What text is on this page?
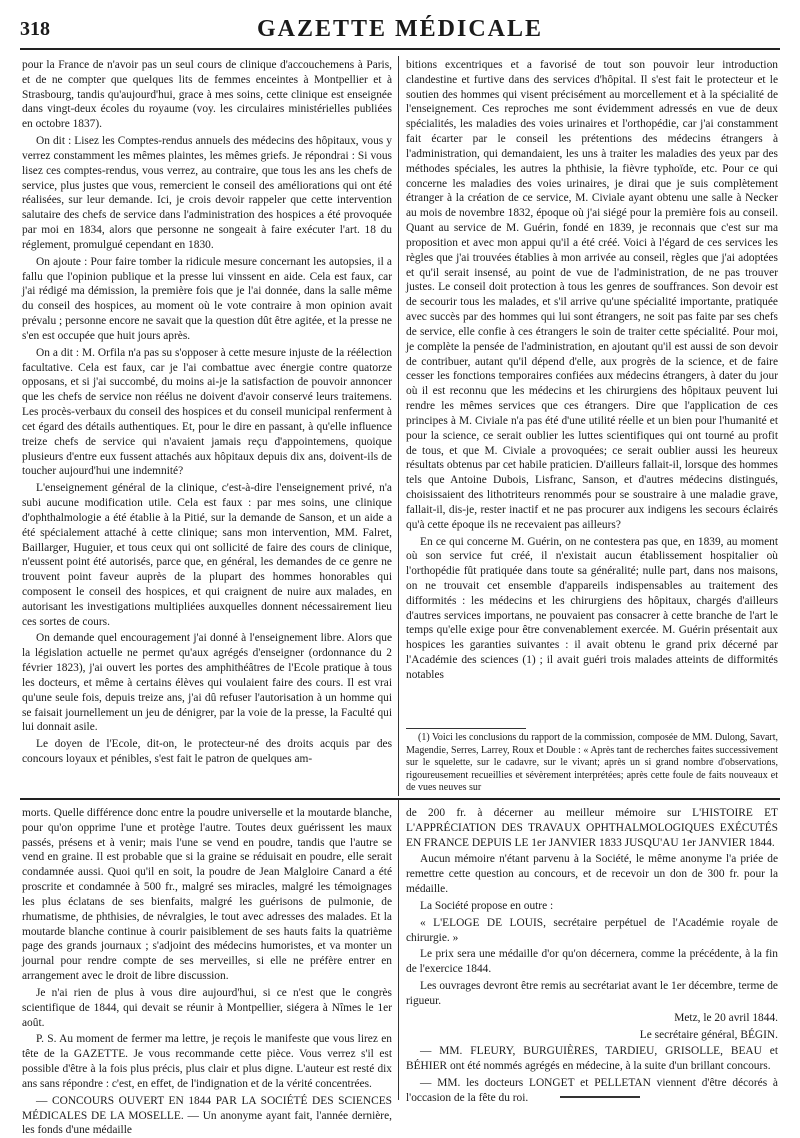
318	GAZETTE MÉDICALE

pour la France de n'avoir pas un seul cours de clinique d'accouchemens à Paris, et de ne compter que quelques lits de femmes enceintes à Montpellier et à Strasbourg, tandis qu'aujourd'hui, grace à mes soins, cette clinique est enseignée dans vingt-deux écoles du royaume (voy. les circulaires ministérielles publiées en octobre 1837).

On dit : Lisez les Comptes-rendus annuels des médecins des hôpitaux, vous y verrez constamment les mêmes plaintes, les mêmes griefs. Je répondrai : Si vous lisez ces comptes-rendus, vous verrez, au contraire, que tous les ans les chefs de service, plus justes que vous, remercient le conseil des améliorations qui ont été réalisées, sur leur demande. Ici, je crois devoir rappeler que cette intervention salutaire des chefs de service dans l'administration des hospices a été provoquée par moi en 1834, alors que personne ne songeait à faire exécuter l'art. 18 du réglement, promulgué cependant en 1830.

On ajoute : Pour faire tomber la ridicule mesure concernant les autopsies, il a fallu que l'opinion publique et la presse lui vinssent en aide. Cela est faux, car j'ai rédigé ma démission, la première fois que je l'ai donnée, dans la salle même du conseil des hospices, au moment où le vote contraire à mon opinion avait prévalu ; personne encore ne savait que la question dût être agitée, et la presse ne s'en est occupée que huit jours après.

On a dit : M. Orfila n'a pas su s'opposer à cette mesure injuste de la réélection facultative. Cela est faux, car je l'ai combattue avec énergie contre quatorze opposans, et si j'ai succombé, du moins ai-je la satisfaction de pouvoir annoncer que les chefs de service non réélus ne doivent d'avoir conservé leurs traitemens. Les procès-verbaux du conseil des hospices et du conseil municipal renferment à cet égard des détails authentiques. Et, pour le dire en passant, à qu'elle influence treize chefs de service qui n'avaient jamais reçu d'appointemens, quoique plusieurs d'entre eux fussent attachés aux hôpitaux depuis dix ans, doivent-ils de toucher aujourd'hui une indemnité?

L'enseignement général de la clinique, c'est-à-dire l'enseignement privé, n'a subi aucune modification utile. Cela est faux : par mes soins, une clinique d'ophthalmologie a été établie à la Pitié, sur la demande de Sanson, et un aide a été spécialement attaché à cette clinique; sans mon intervention, MM. Falret, Baillarger, Huguier, et tous ceux qui ont sollicité de faire des cours de clinique, n'eussent point été autorisés, parce que, en général, les demandes de ce genre ne trouvent point faveur auprès de la plupart des hommes honorables qui composent le conseil des hospices, et qui craignent de nuire aux malades, en autorisant les investigations multipliées auxquelles donnent nécessairement lieu ces sortes de cours.

On demande quel encouragement j'ai donné à l'enseignement libre. Alors que la législation actuelle ne permet qu'aux agrégés d'enseigner (ordonnance du 2 février 1823), j'ai ouvert les portes des amphithéâtres de l'Ecole pratique à tous les docteurs, et même à certains élèves qui voulaient faire des cours. Il est vrai qu'une seule fois, depuis treize ans, j'ai dû refuser l'autorisation à un homme qui se faisait journellement un jeu de dénigrer, par la voie de la presse, la Faculté qui lui donnait asile.

Le doyen de l'Ecole, dit-on, le protecteur-né des droits acquis par des concours loyaux et pénibles, s'est fait le patron de quelques am-

bitions excentriques et a favorisé de tout son pouvoir leur introduction clandestine et furtive dans des services d'hôpital. Il s'est fait le protecteur et le soutien des hommes qui visent précisément au morcellement et à la spécialité de l'enseignement. Ces reproches me sont évidemment adressés en vue de deux spécialités, les maladies des voies urinaires et l'orthopédie, car j'ai constamment fait écarter par le conseil les prétentions des médecins étrangers à l'administration, qui demandaient, les uns à traiter les maladies des yeux par des méthodes spéciales, les autres la phthisie, la fièvre typhoïde, etc. Pour ce qui concerne les maladies des voies urinaires, je dirai que je suis complètement étranger à la création de ce service, M. Civiale ayant obtenu une salle à Necker au mois de novembre 1832, époque où j'ai siégé pour la première fois au conseil. Quant au service de M. Guérin, fondé en 1839, je reconnais que c'est sur ma proposition et avec mon appui qu'il a été créé. Voici à l'égard de ces services les règles que j'ai trouvées établies à mon arrivée au conseil, règles que j'ai adoptées et qu'il serait insensé, au point de vue de l'administration, de ne pas trouver justes. Le conseil doit protection à tous les genres de souffrances. Son devoir est de secourir tous les malades, et s'il arrive qu'une spécialité importante, pratiquée avec succès par des hommes qui lui sont étrangers, ne soit pas faite par ses chefs de service, elle confie à ces étrangers le soin de traiter cette spécialité. Pour moi, je complète la pensée de l'administration, en ajoutant qu'il est aussi de son devoir de contribuer, autant qu'il dépend d'elle, aux progrès de la science, et de faire cesser les fonctions temporaires confiées aux médecins étrangers, à dater du jour où il est reconnu que les médecins et les chirurgiens des hôpitaux peuvent lui rendre les mêmes services que ces étrangers. Dire que l'application de ces principes à M. Civiale n'a pas été d'une utilité réelle et un bien pour l'humanité et pour la science, ce serait oublier les luttes scientifiques qui ont tourné au profit de tous, et que M. Civiale a provoquées; ce serait oublier aussi les heureux résultats obtenus par cet habile praticien. D'ailleurs fallait-il, lorsque des hommes tels que Antoine Dubois, Lisfranc, Sanson, et d'autres médecins distingués, choisissaient des lithotriteurs renommés pour se soustraire à une maladie grave, fallait-il, dis-je, rester inactif et ne pas procurer aux indigens les secours éclairés qu'à cette époque ils ne recevaient pas ailleurs?

En ce qui concerne M. Guérin, on ne contestera pas que, en 1839, au moment où son service fut créé, il n'existait aucun établissement hospitalier où l'orthopédie fût pratiquée dans toute sa généralité; nulle part, dans nos maisons, on ne trouvait cet ensemble d'appareils indispensables au traitement des difformités : les médecins et les chirurgiens des hôpitaux, chargés d'ailleurs d'autres services importans, ne pouvaient pas consacrer à cette branche de l'art le temps qu'elle exige pour être convenablement exercée. M. Guérin présentait aux hospices les garanties suivantes : il avait obtenu le grand prix décerné par l'Académie des sciences (1) ; il avait guéri trois malades atteints de difformités notables

(1) Voici les conclusions du rapport de la commission, composée de MM. Dulong, Savart, Magendie, Serres, Larrey, Roux et Double : « Après tant de recherches faites successivement sur le squelette, sur le cadavre, sur le vivant; après un si grand nombre d'observations, rigoureusement recueillies et sévèrement interprétées; après cette foule de faits nouveaux et de vues neuves sur

morts. Quelle différence donc entre la poudre universelle et la moutarde blanche, pour qu'on opprime l'une et protège l'autre. Toutes deux guérissent les maux passés, présens et à venir; mais l'une se vend en poudre, tandis que l'autre se vend en graine. Il est probable que si la graine se réduisait en poudre, elle serait condamnée aussi. Quoi qu'il en soit, la poudre de Jean Malgloire Canard a été proscrite et condamnée à 500 fr., malgré ses miracles, malgré les témoignages les plus éclatans de ses bienfaits, malgré les guérisons de pulmonie, de rhumatisme, de phthisies, de névralgies, le tout avec adresses des malades. Et la moutarde blanche continue à courir paisiblement de ses hauts faits la quatrième page des grands journaux ; s'adjoint des médecins humoristes, et va monter un journal pour rendre compte de ses merveilles, si elle ne préfère entrer en arrangement avec le droit de libre discussion.

Je n'ai rien de plus à vous dire aujourd'hui, si ce n'est que le congrès scientifique de 1844, qui devait se réunir à Montpellier, siégera à Nîmes le 1er août.

P. S. Au moment de fermer ma lettre, je reçois le manifeste que vous lirez en tête de la GAZETTE. Je vous recommande cette pièce. Vous verrez s'il est possible d'être à la fois plus précis, plus clair et plus digne. L'auteur est resté dix ans sans répondre : c'est, en effet, de l'indignation et de la vérité concentrées.

— CONCOURS OUVERT EN 1844 PAR LA SOCIÉTÉ DES SCIENCES MÉDICALES DE LA MOSELLE. — Un anonyme ayant fait, l'année dernière, les fonds d'une médaille

de 200 fr. à décerner au meilleur mémoire sur L'HISTOIRE ET L'APPRÉCIATION DES TRAVAUX OPHTHALMOLOGIQUES EXÉCUTÉS EN FRANCE DEPUIS LE 1er JANVIER 1833 JUSQU'AU 1er JANVIER 1844.

Aucun mémoire n'étant parvenu à la Société, le même anonyme l'a priée de remettre cette question au concours, et de recevoir un don de 300 fr. pour la médaille.

La Société propose en outre :

« L'ELOGE DE LOUIS, secrétaire perpétuel de l'Académie royale de chirurgie. »

Le prix sera une médaille d'or qu'on décernera, comme la précédente, à la fin de l'exercice 1844.

Les ouvrages devront être remis au secrétariat avant le 1er décembre, terme de rigueur.

Metz, le 20 avril 1844.

Le secrétaire général, BÉGIN.

— MM. FLEURY, BURGUIÈRES, TARDIEU, GRISOLLE, BEAU et BÉHIER ont été nommés agrégés en médecine, à la suite d'un brillant concours.

— MM. les docteurs LONGET et PELLETAN viennent d'être décorés à l'occasion de la fête du roi.
